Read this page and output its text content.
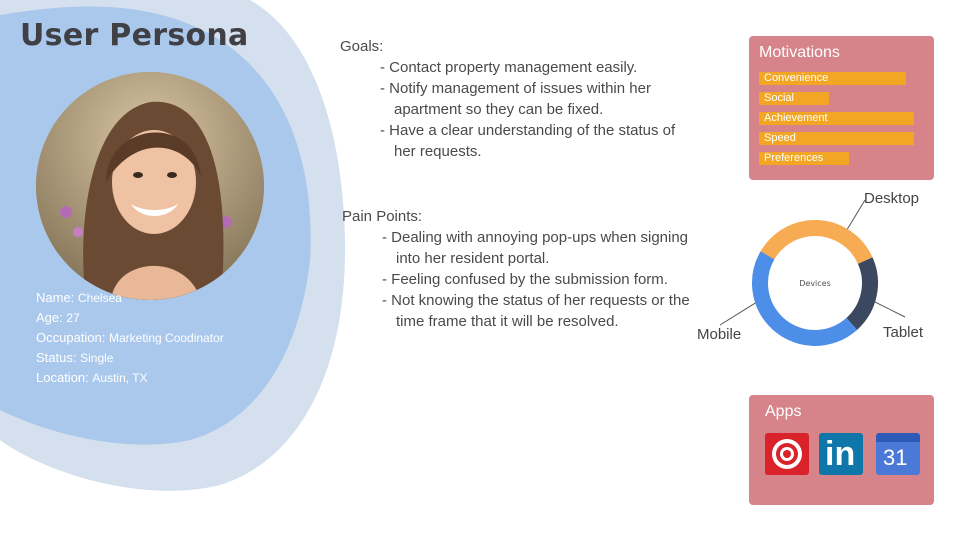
User Persona
Name: Chelsea
Age: 27
Occupation: Marketing Coodinator
Status: Single
Location: Austin, TX

Goals:

- Contact property management easily.
- Notify management of issues within her apartment so they can be fixed.
- Have a clear understanding of the status of her requests.

Pain Points:

- Dealing with annoying pop-ups when signing into her resident portal.
- Feeling confused by the submission form.
- Not knowing the status of her requests or the time frame that it will be resolved.
Motivations
Convenience
Social
Achievement
Speed
Preferences
Devices
Desktop
Tablet
Mobile
Apps
in 31
